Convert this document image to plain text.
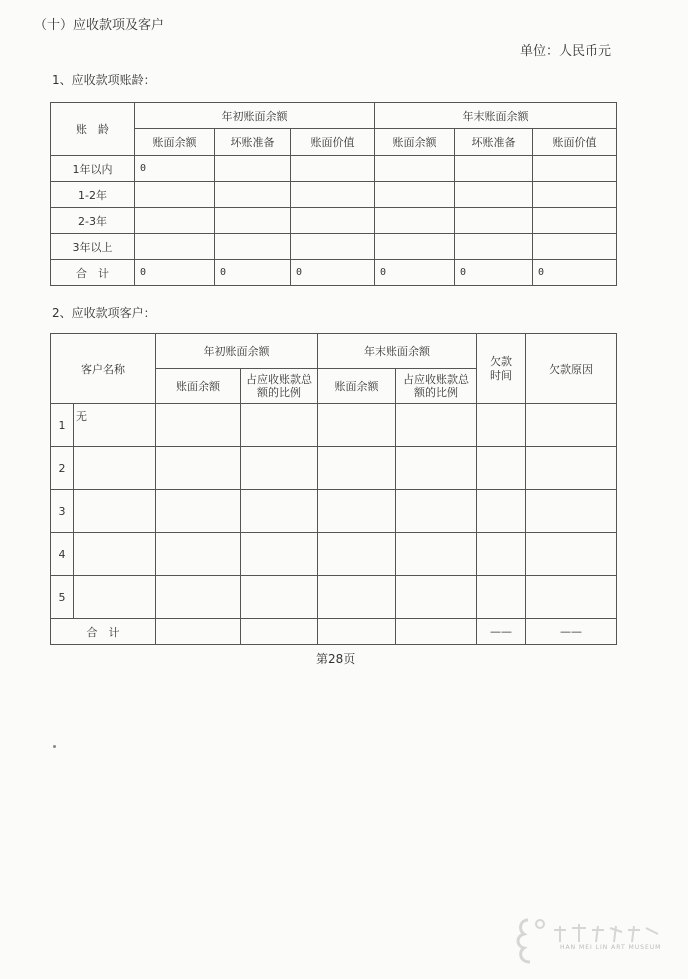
（十）应收款项及客户
单位：人民币元
1、应收款项账龄：
账　龄	年初账面余额			年末账面余额		
	账面余额	坏账准备	账面价值	账面余额	坏账准备	账面价值
1年以内	0					
1-2年						
2-3年						
3年以上						
合　计	0	0	0	0	0	0
2、应收款项客户：
客户名称		年初账面余额		年末账面余额		欠款时间	欠款原因
		账面余额	占应收账款总额的比例	账面余额	占应收账款总额的比例		
1	无						
2							
3							
4							
5							
合　计						——	——
第28页
HAN MEI LIN ART MUSEUM
